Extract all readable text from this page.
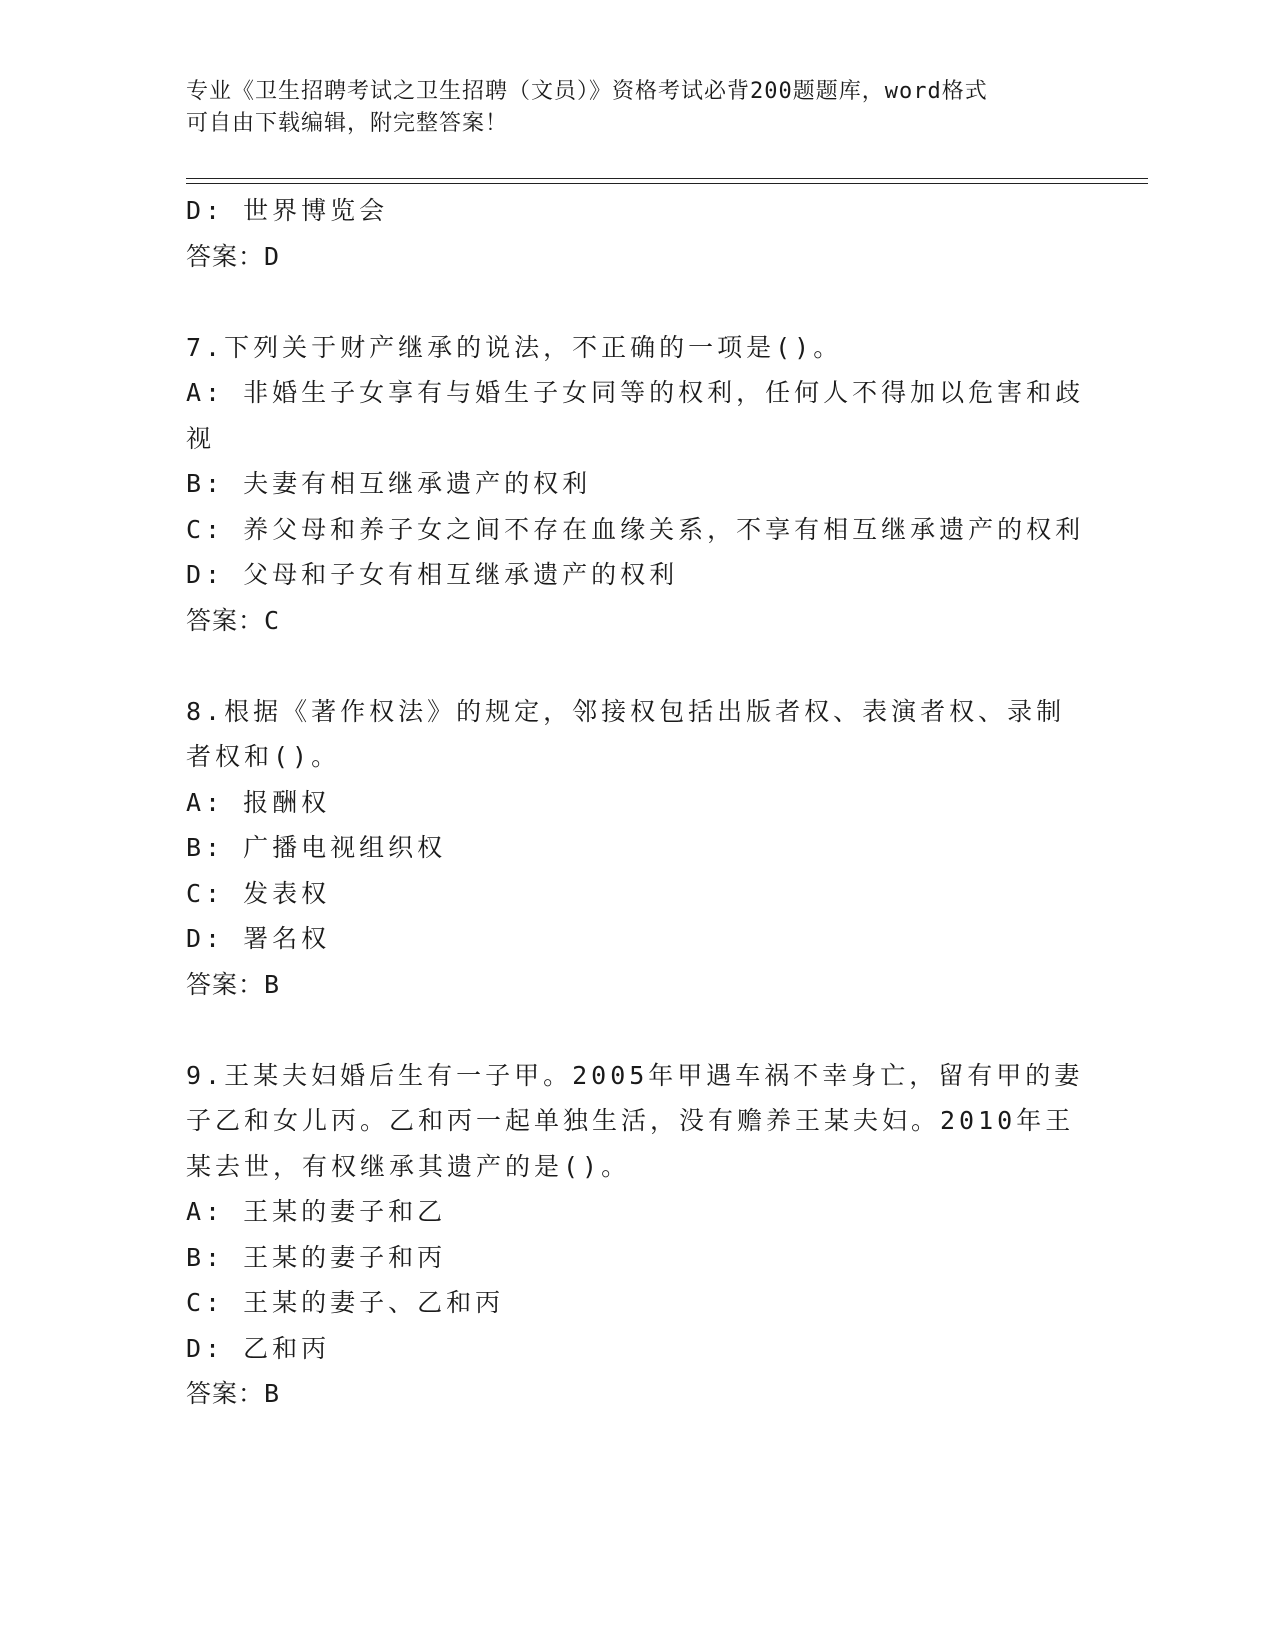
专业《卫生招聘考试之卫生招聘（文员）》资格考试必背200题题库，word格式
可自由下载编辑，附完整答案！
D: 世界博览会
答案：D
7.下列关于财产继承的说法，不正确的一项是()。
A: 非婚生子女享有与婚生子女同等的权利，任何人不得加以危害和歧视
B: 夫妻有相互继承遗产的权利
C: 养父母和养子女之间不存在血缘关系，不享有相互继承遗产的权利
D: 父母和子女有相互继承遗产的权利
答案：C
8.根据《著作权法》的规定，邻接权包括出版者权、表演者权、录制者权和()。
A: 报酬权
B: 广播电视组织权
C: 发表权
D: 署名权
答案：B
9.王某夫妇婚后生有一子甲。2005年甲遇车祸不幸身亡，留有甲的妻子乙和女儿丙。乙和丙一起单独生活，没有赡养王某夫妇。2010年王某去世，有权继承其遗产的是()。
A: 王某的妻子和乙
B: 王某的妻子和丙
C: 王某的妻子、乙和丙
D: 乙和丙
答案：B
